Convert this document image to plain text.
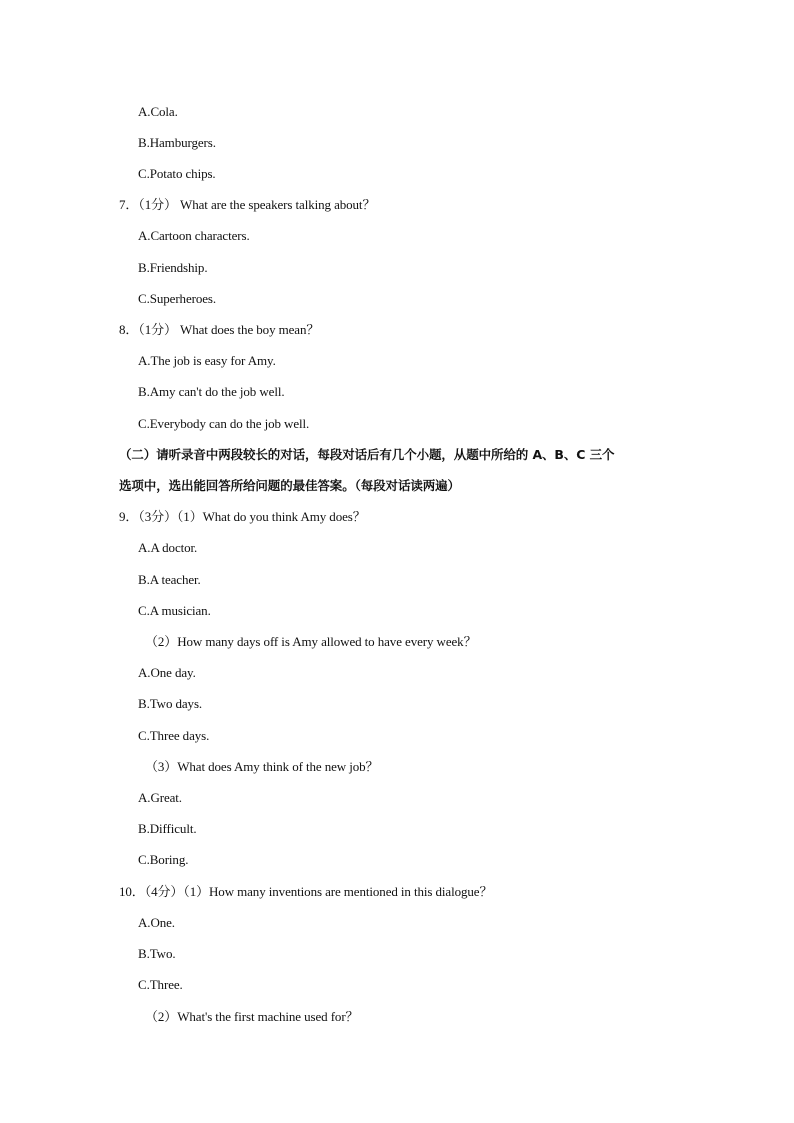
A.Cola.
B.Hamburgers.
C.Potato chips.
7．（1分） What are the speakers talking about？
A.Cartoon characters.
B.Friendship.
C.Superheroes.
8．（1分） What does the boy mean？
A.The job is easy for Amy.
B.Amy can't do the job well.
C.Everybody can do the job well.
（二）请听录音中两段较长的对话，每段对话后有几个小题，从题中所给的 A、B、C 三个
选项中，选出能回答所给问题的最佳答案。（每段对话读两遍）
9．（3分）（1）What do you think Amy does？
A.A doctor.
B.A teacher.
C.A musician.
（2）How many days off is Amy allowed to have every week？
A.One day.
B.Two days.
C.Three days.
（3）What does Amy think of the new job？
A.Great.
B.Difficult.
C.Boring.
10．（4分）（1）How many inventions are mentioned in this dialogue？
A.One.
B.Two.
C.Three.
（2）What's the first machine used for？
